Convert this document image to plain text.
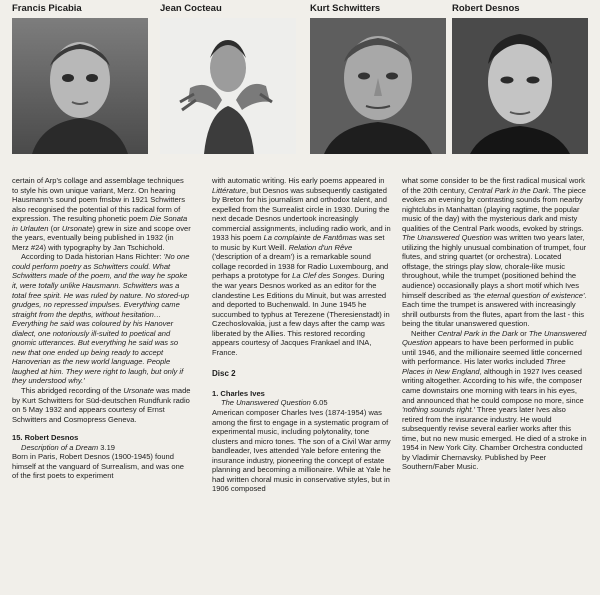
Francis Picabia	Jean Cocteau	Kurt Schwitters	Robert Desnos

certain of Arp's collage and assemblage techniques to style his own unique variant, Merz. On hearing Hausmann's sound poem fmsbw in 1921 Schwitters also recognised the potential of this radical form of expression. The resulting phonetic poem Die Sonata in Urlauten (or Ursonate) grew in size and scope over the years, eventually being published in 1932 (in Merz #24) with typography by Jan Tschichold.

According to Dada historian Hans Richter: 'No one could perform poetry as Schwitters could. What Schwitters made of the poem, and the way he spoke it, were totally unlike Hausmann. Schwitters was a total free spirit. He was ruled by nature. No stored-up grudges, no repressed impulses. Everything came straight from the depths, without hesitation… Everything he said was coloured by his Hanover dialect, one notoriously ill-suited to poetical and gnomic utterances. But everything he said was so new that one ended up being ready to accept Hanoverian as the new world language. People laughed at him. They were right to laugh, but only if they understood why.'

This abridged recording of the Ursonate was made by Kurt Schwitters for Süd-deutschen Rundfunk radio on 5 May 1932 and appears courtesy of Ernst Schwitters and Cosmopress Geneva.

15. Robert Desnos

Description of a Dream 3.19

Born in Paris, Robert Desnos (1900-1945) found himself at the vanguard of Surrealism, and was one of the first poets to experiment

with automatic writing. His early poems appeared in Littérature, but Desnos was subsequently castigated by Breton for his journalism and orthodox talent, and expelled from the Surrealist circle in 1930. During the next decade Desnos undertook increasingly commercial assignments, including radio work, and in 1933 his poem La complainte de Fantômas was set to music by Kurt Weill. Relation d'un Rêve ('description of a dream') is a remarkable sound collage recorded in 1938 for Radio Luxembourg, and perhaps a prototype for La Clef des Songes. During the war years Desnos worked as an editor for the clandestine Les Editions du Minuit, but was arrested and deported to Buchenwald. In June 1945 he succumbed to typhus at Terezene (Theresienstadt) in Czechoslovakia, just a few days after the camp was liberated by the Allies. This restored recording appears courtesy of Jacques Frankael and INA, France.

Disc 2

1. Charles Ives

The Unanswered Question 6.05

American composer Charles Ives (1874-1954) was among the first to engage in a systematic program of experimental music, including polytonality, tone clusters and micro tones. The son of a Civil War army bandleader, Ives attended Yale before entering the insurance industry, pioneering the concept of estate planning and becoming a millionaire. While at Yale he had written choral music in conservative styles, but in 1906 composed

what some consider to be the first radical musical work of the 20th century, Central Park in the Dark. The piece evokes an evening by contrasting sounds from nearby nightclubs in Manhattan (playing ragtime, the popular music of the day) with the mysterious dark and misty qualities of the Central Park woods, evoked by strings. The Unanswered Question was written two years later, utilizing the highly unusual combination of trumpet, four flutes, and string quartet (or orchestra). Located offstage, the strings play slow, chorale-like music throughout, while the trumpet (positioned behind the audience) occasionally plays a short motif which Ives himself described as 'the eternal question of existence'. Each time the trumpet is answered with increasingly shrill outbursts from the flutes, apart from the last - this being the titular unanswered question.

Neither Central Park in the Dark or The Unanswered Question appears to have been performed in public until 1946, and the millionaire seemed little concerned with performance. His later works included Three Places in New England, although in 1927 Ives ceased writing altogether. According to his wife, the composer came downstairs one morning with tears in his eyes, and announced that he could compose no more, since 'nothing sounds right.' Three years later Ives also retired from the insurance industry. He would subsequently revise several earlier works after this time, but no new music emerged. He died of a stroke in 1954 in New York City. Chamber Orchestra conducted by Vladimir Chernavsky. Published by Peer Southern/Faber Music.
